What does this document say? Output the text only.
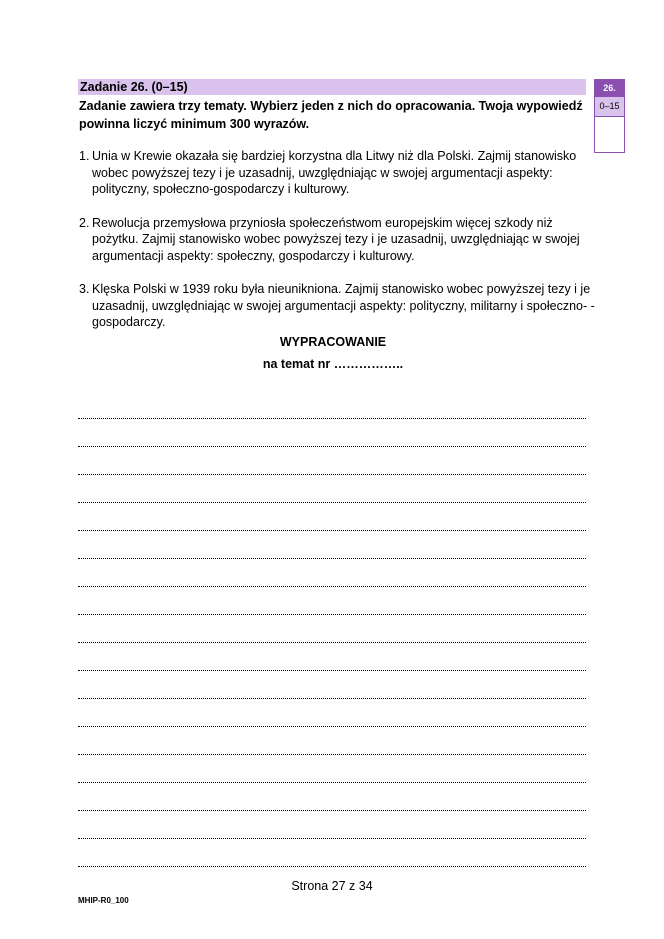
Zadanie 26. (0–15)	26.
0–15
Zadanie zawiera trzy tematy. Wybierz jeden z nich do opracowania. Twoja wypowiedź powinna liczyć minimum 300 wyrazów.
1. Unia w Krewie okazała się bardziej korzystna dla Litwy niż dla Polski. Zajmij stanowisko wobec powyższej tezy i je uzasadnij, uwzględniając w swojej argumentacji aspekty: polityczny, społeczno-gospodarczy i kulturowy.
2. Rewolucja przemysłowa przyniosła społeczeństwom europejskim więcej szkody niż pożytku. Zajmij stanowisko wobec powyższej tezy i je uzasadnij, uwzględniając w swojej argumentacji aspekty: społeczny, gospodarczy i kulturowy.
3. Klęska Polski w 1939 roku była nieunikniona. Zajmij stanowisko wobec powyższej tezy i je uzasadnij, uwzględniając w swojej argumentacji aspekty: polityczny, militarny i społeczno- -gospodarczy.
WYPRACOWANIE
na temat nr ……………..
Strona 27 z 34
MHIP-R0_100
